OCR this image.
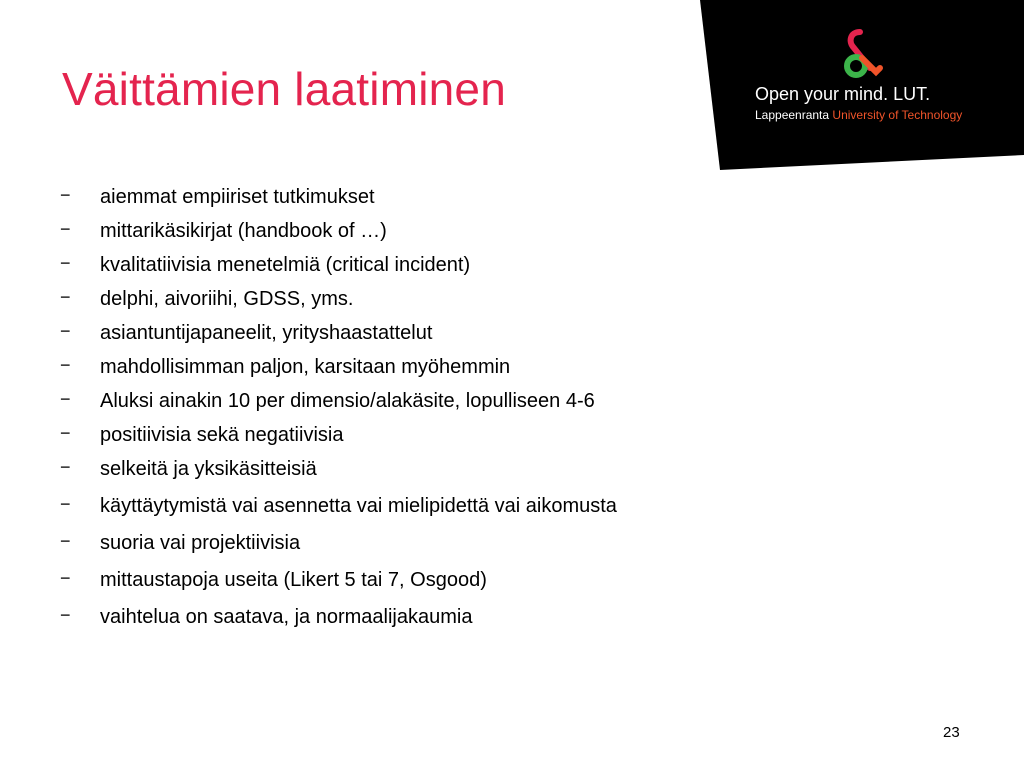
Väittämien laatiminen	Open your mind. LUT.
Lappeenranta University of Technology
− aiemmat empiiriset tutkimukset
− mittarikäsikirjat (handbook of …)
− kvalitatiivisia menetelmiä (critical incident)
− delphi, aivoriihi, GDSS, yms.
− asiantuntijapaneelit, yrityshaastattelut
− mahdollisimman paljon, karsitaan myöhemmin
− Aluksi ainakin 10 per dimensio/alakäsite, lopulliseen 4-6
− positiivisia sekä negatiivisia
− selkeitä ja yksikäsitteisiä
− käyttäytymistä vai asennetta vai mielipidettä vai aikomusta
− suoria vai projektiivisia
− mittaustapoja useita (Likert 5 tai 7, Osgood)
− vaihtelua on saatava, ja normaalijakaumia
23
